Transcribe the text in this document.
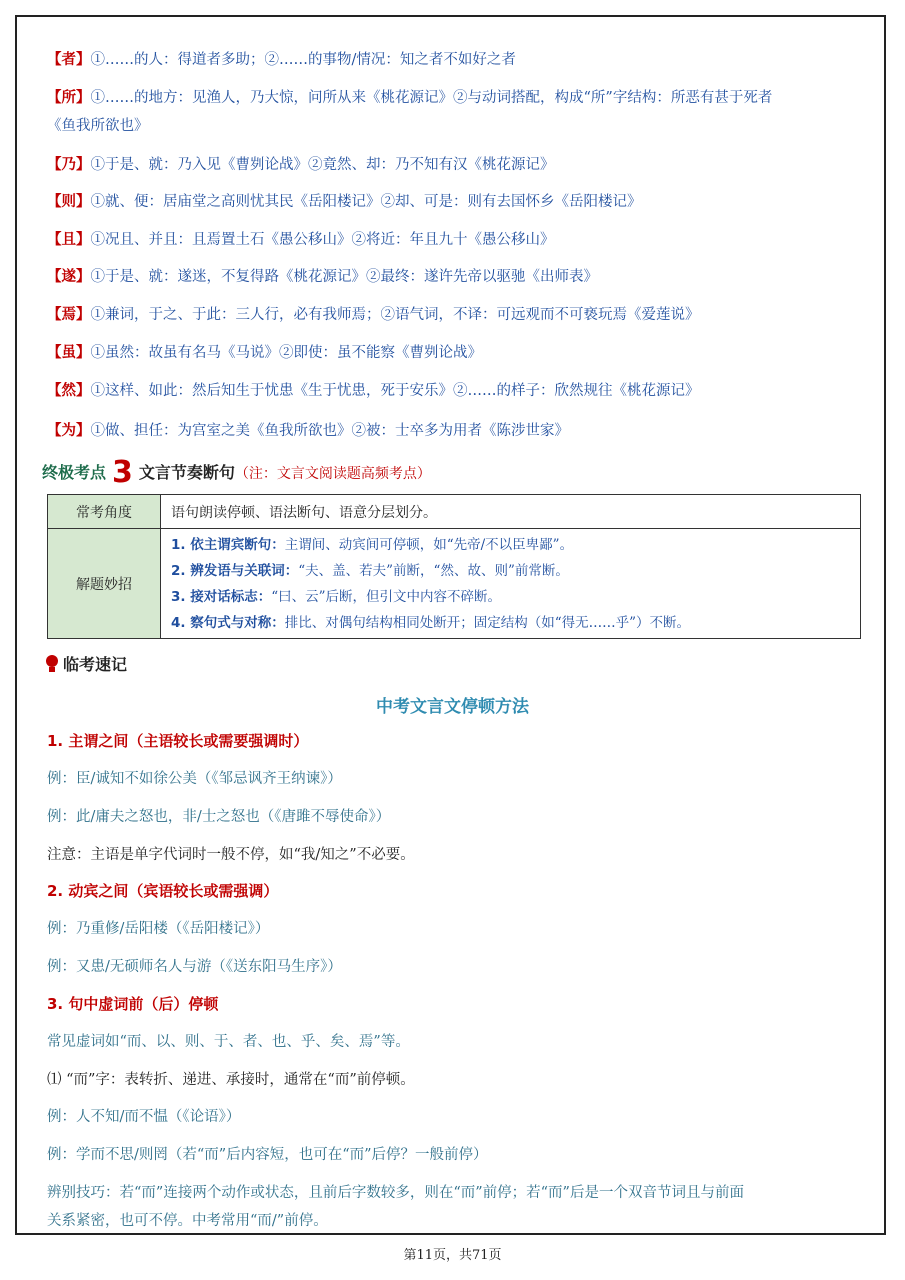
【者】①……的人：得道者多助；②……的事物/情况：知之者不如好之者
【所】①……的地方：见渔人，乃大惊，问所从来《桃花源记》②与动词搭配，构成“所”字结构：所恶有甚于死者
《鱼我所欲也》
【乃】①于是、就：乃入见《曹刿论战》②竟然、却：乃不知有汉《桃花源记》
【则】①就、便：居庙堂之高则忧其民《岳阳楼记》②却、可是：则有去国怀乡《岳阳楼记》
【且】①况且、并且：且焉置土石《愚公移山》②将近：年且九十《愚公移山》
【遂】①于是、就：遂迷，不复得路《桃花源记》②最终：遂许先帝以驱驰《出师表》
【焉】①兼词，于之、于此：三人行，必有我师焉；②语气词，不译：可远观而不可亵玩焉《爱莲说》
【虽】①虽然：故虽有名马《马说》②即使：虽不能察《曹刿论战》
【然】①这样、如此：然后知生于忧患《生于忧患，死于安乐》②……的样子：欣然规往《桃花源记》
【为】①做、担任：为宫室之美《鱼我所欲也》②被：士卒多为用者《陈涉世家》
终极考点 3 文言节奏断句（注：文言文阅读题高频考点）
常考角度	语句朗读停顿、语法断句、语意分层划分。
解题妙招	1. 依主谓宾断句：主谓间、动宾间可停顿，如“先帝/不以臣卑鄙”。
2. 辨发语与关联词：“夫、盖、若夫”前断，“然、故、则”前常断。
3. 接对话标志：“曰、云”后断，但引文中内容不碎断。
4. 察句式与对称：排比、对偶句结构相同处断开；固定结构（如“得无……乎”）不断。
临考速记
中考文言文停顿方法
1. 主谓之间（主语较长或需要强调时）
例：臣/诚知不如徐公美（《邹忌讽齐王纳谏》）
例：此/庸夫之怒也，非/士之怒也（《唐雎不辱使命》）
注意：主语是单字代词时一般不停，如“我/知之”不必要。
2. 动宾之间（宾语较长或需强调）
例：乃重修/岳阳楼（《岳阳楼记》）
例：又患/无硕师名人与游（《送东阳马生序》）
3. 句中虚词前（后）停顿
常见虚词如“而、以、则、于、者、也、乎、矣、焉”等。
⑴ “而”字：表转折、递进、承接时，通常在“而”前停顿。
例：人不知/而不愠（《论语》）
例：学而不思/则罔（若“而”后内容短，也可在“而”后停？一般前停）
辨别技巧：若“而”连接两个动作或状态，且前后字数较多，则在“而”前停；若“而”后是一个双音节词且与前面
关系紧密，也可不停。中考常用“而/”前停。
第11页，共71页
